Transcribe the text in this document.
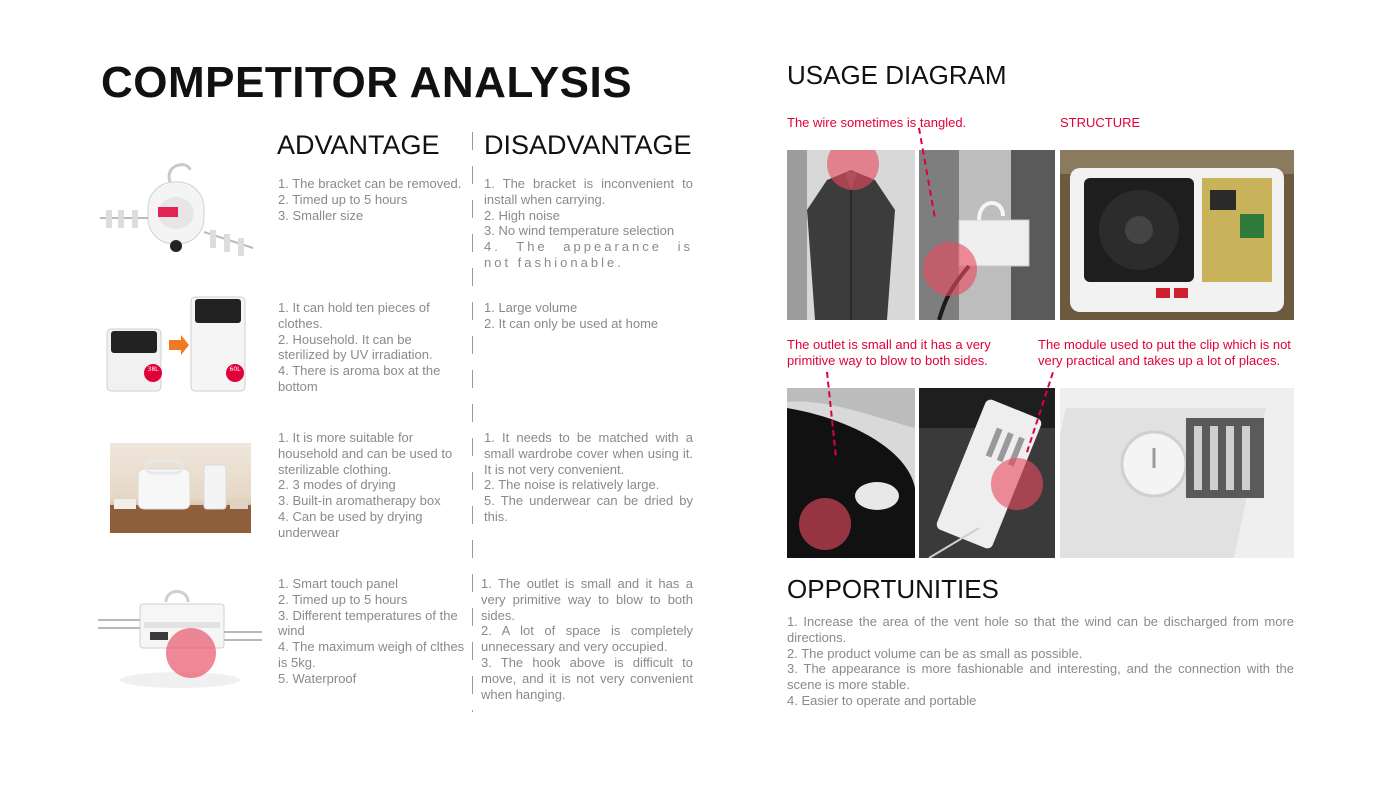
COMPETITOR ANALYSIS
ADVANTAGE DISADVANTAGE
1. The bracket can be removed.
2. Timed up to 5 hours
3. Smaller size
1. The bracket is inconvenient to install when carrying.
2. High noise
3. No wind temperature selection
4. The appearance is not fashionable.
38L	60L
1. It can hold ten pieces of clothes.
2. Household. It can be sterilized by UV irradiation.
4. There is aroma box at the bottom
1. Large volume
2. It can only be used at home
1. It is more suitable for household and can be used to sterilizable clothing.
2. 3 modes of drying
3. Built-in aromatherapy box
4. Can be used by drying underwear
1. It needs to be matched with a small wardrobe cover when using it. It is not very convenient.
2. The noise is relatively large.
5. The underwear can be dried by this.
1. Smart touch panel
2. Timed up to 5 hours
3. Different temperatures of the wind
4. The maximum weigh of clthes is 5kg.
5. Waterproof
1. The outlet is small and it has a very primitive way to blow to both sides.
2. A lot of space is completely unnecessary and very occupied.
3. The hook above is difficult to move, and it is not very convenient when hanging.
USAGE DIAGRAM
The wire sometimes is tangled.	STRUCTURE
The outlet is small and it has a very primitive way to blow to both sides.
The module used to put the clip which is not very practical and takes up a lot of places.
OPPORTUNITIES
1. Increase the area of the vent hole so that the wind can be discharged from more directions.
2. The product volume can be as small as possible.
3. The appearance is more fashionable and interesting, and the connection with the scene is more stable.
4. Easier to operate and portable
